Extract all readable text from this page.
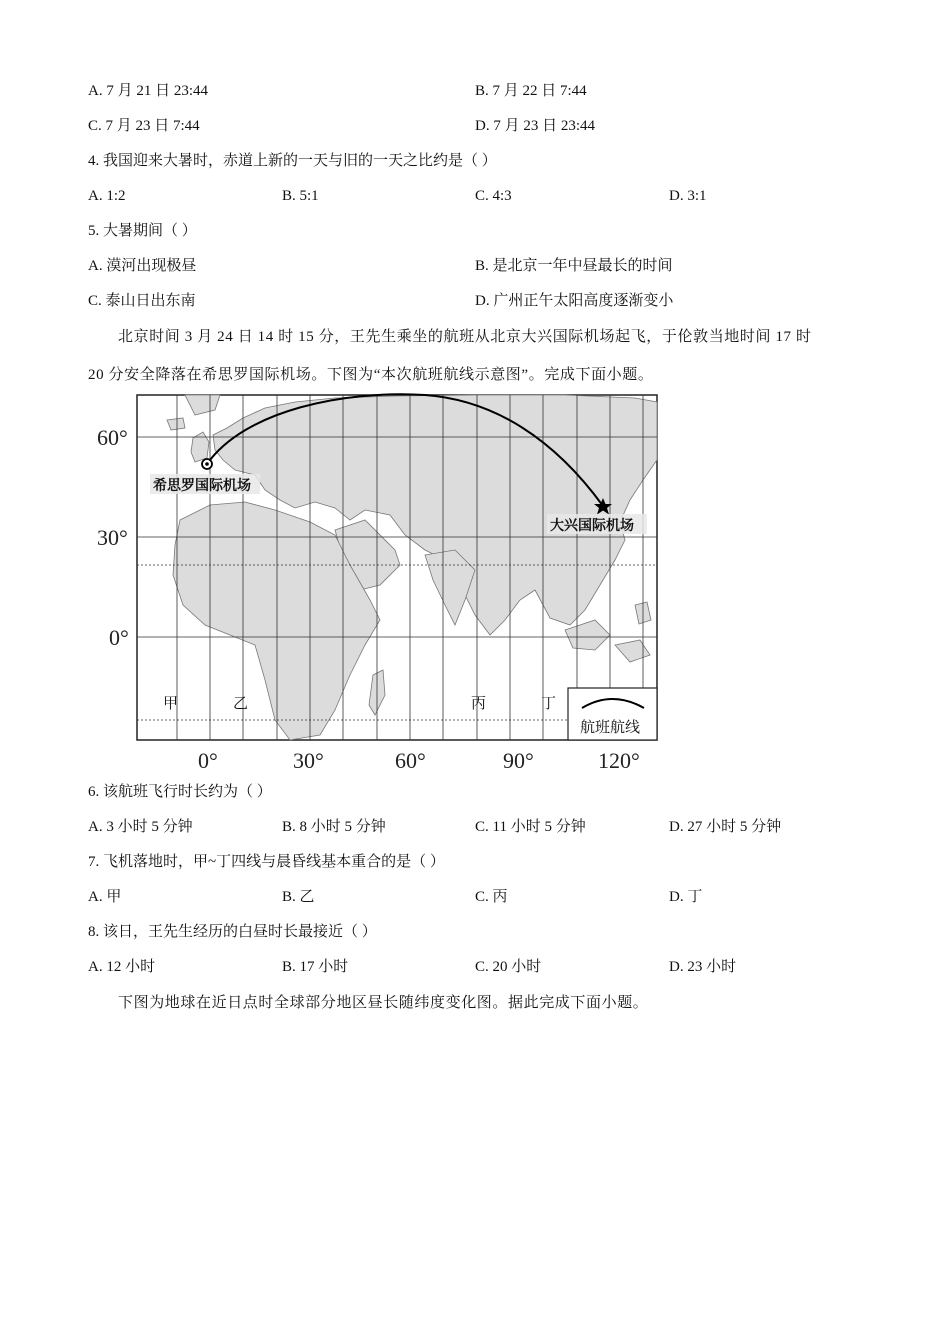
A. 7 月 21 日 23:44	B. 7 月 22 日 7:44
C. 7 月 23 日 7:44	D. 7 月 23 日 23:44
4. 我国迎来大暑时，赤道上新的一天与旧的一天之比约是（ ）
A. 1:2	B. 5:1	C. 4:3	D. 3:1
5. 大暑期间（ ）
A. 漠河出现极昼	B. 是北京一年中昼最长的时间
C. 泰山日出东南	D. 广州正午太阳高度逐渐变小
北京时间 3 月 24 日 14 时 15 分，王先生乘坐的航班从北京大兴国际机场起飞，于伦敦当地时间 17 时
20 分安全降落在希思罗国际机场。下图为“本次航班航线示意图”。完成下面小题。
希思罗国际机场
大兴国际机场
60°
30°
0°
0°	30°	60°	90°	120°
甲	乙	丙	丁
航班航线
6. 该航班飞行时长约为（ ）
A. 3 小时 5 分钟	B. 8 小时 5 分钟	C. 11 小时 5 分钟	D. 27 小时 5 分钟
7. 飞机落地时，甲~丁四线与晨昏线基本重合的是（ ）
A. 甲	B. 乙	C. 丙	D. 丁
8. 该日，王先生经历的白昼时长最接近（ ）
A. 12 小时	B. 17 小时	C. 20 小时	D. 23 小时
下图为地球在近日点时全球部分地区昼长随纬度变化图。据此完成下面小题。
